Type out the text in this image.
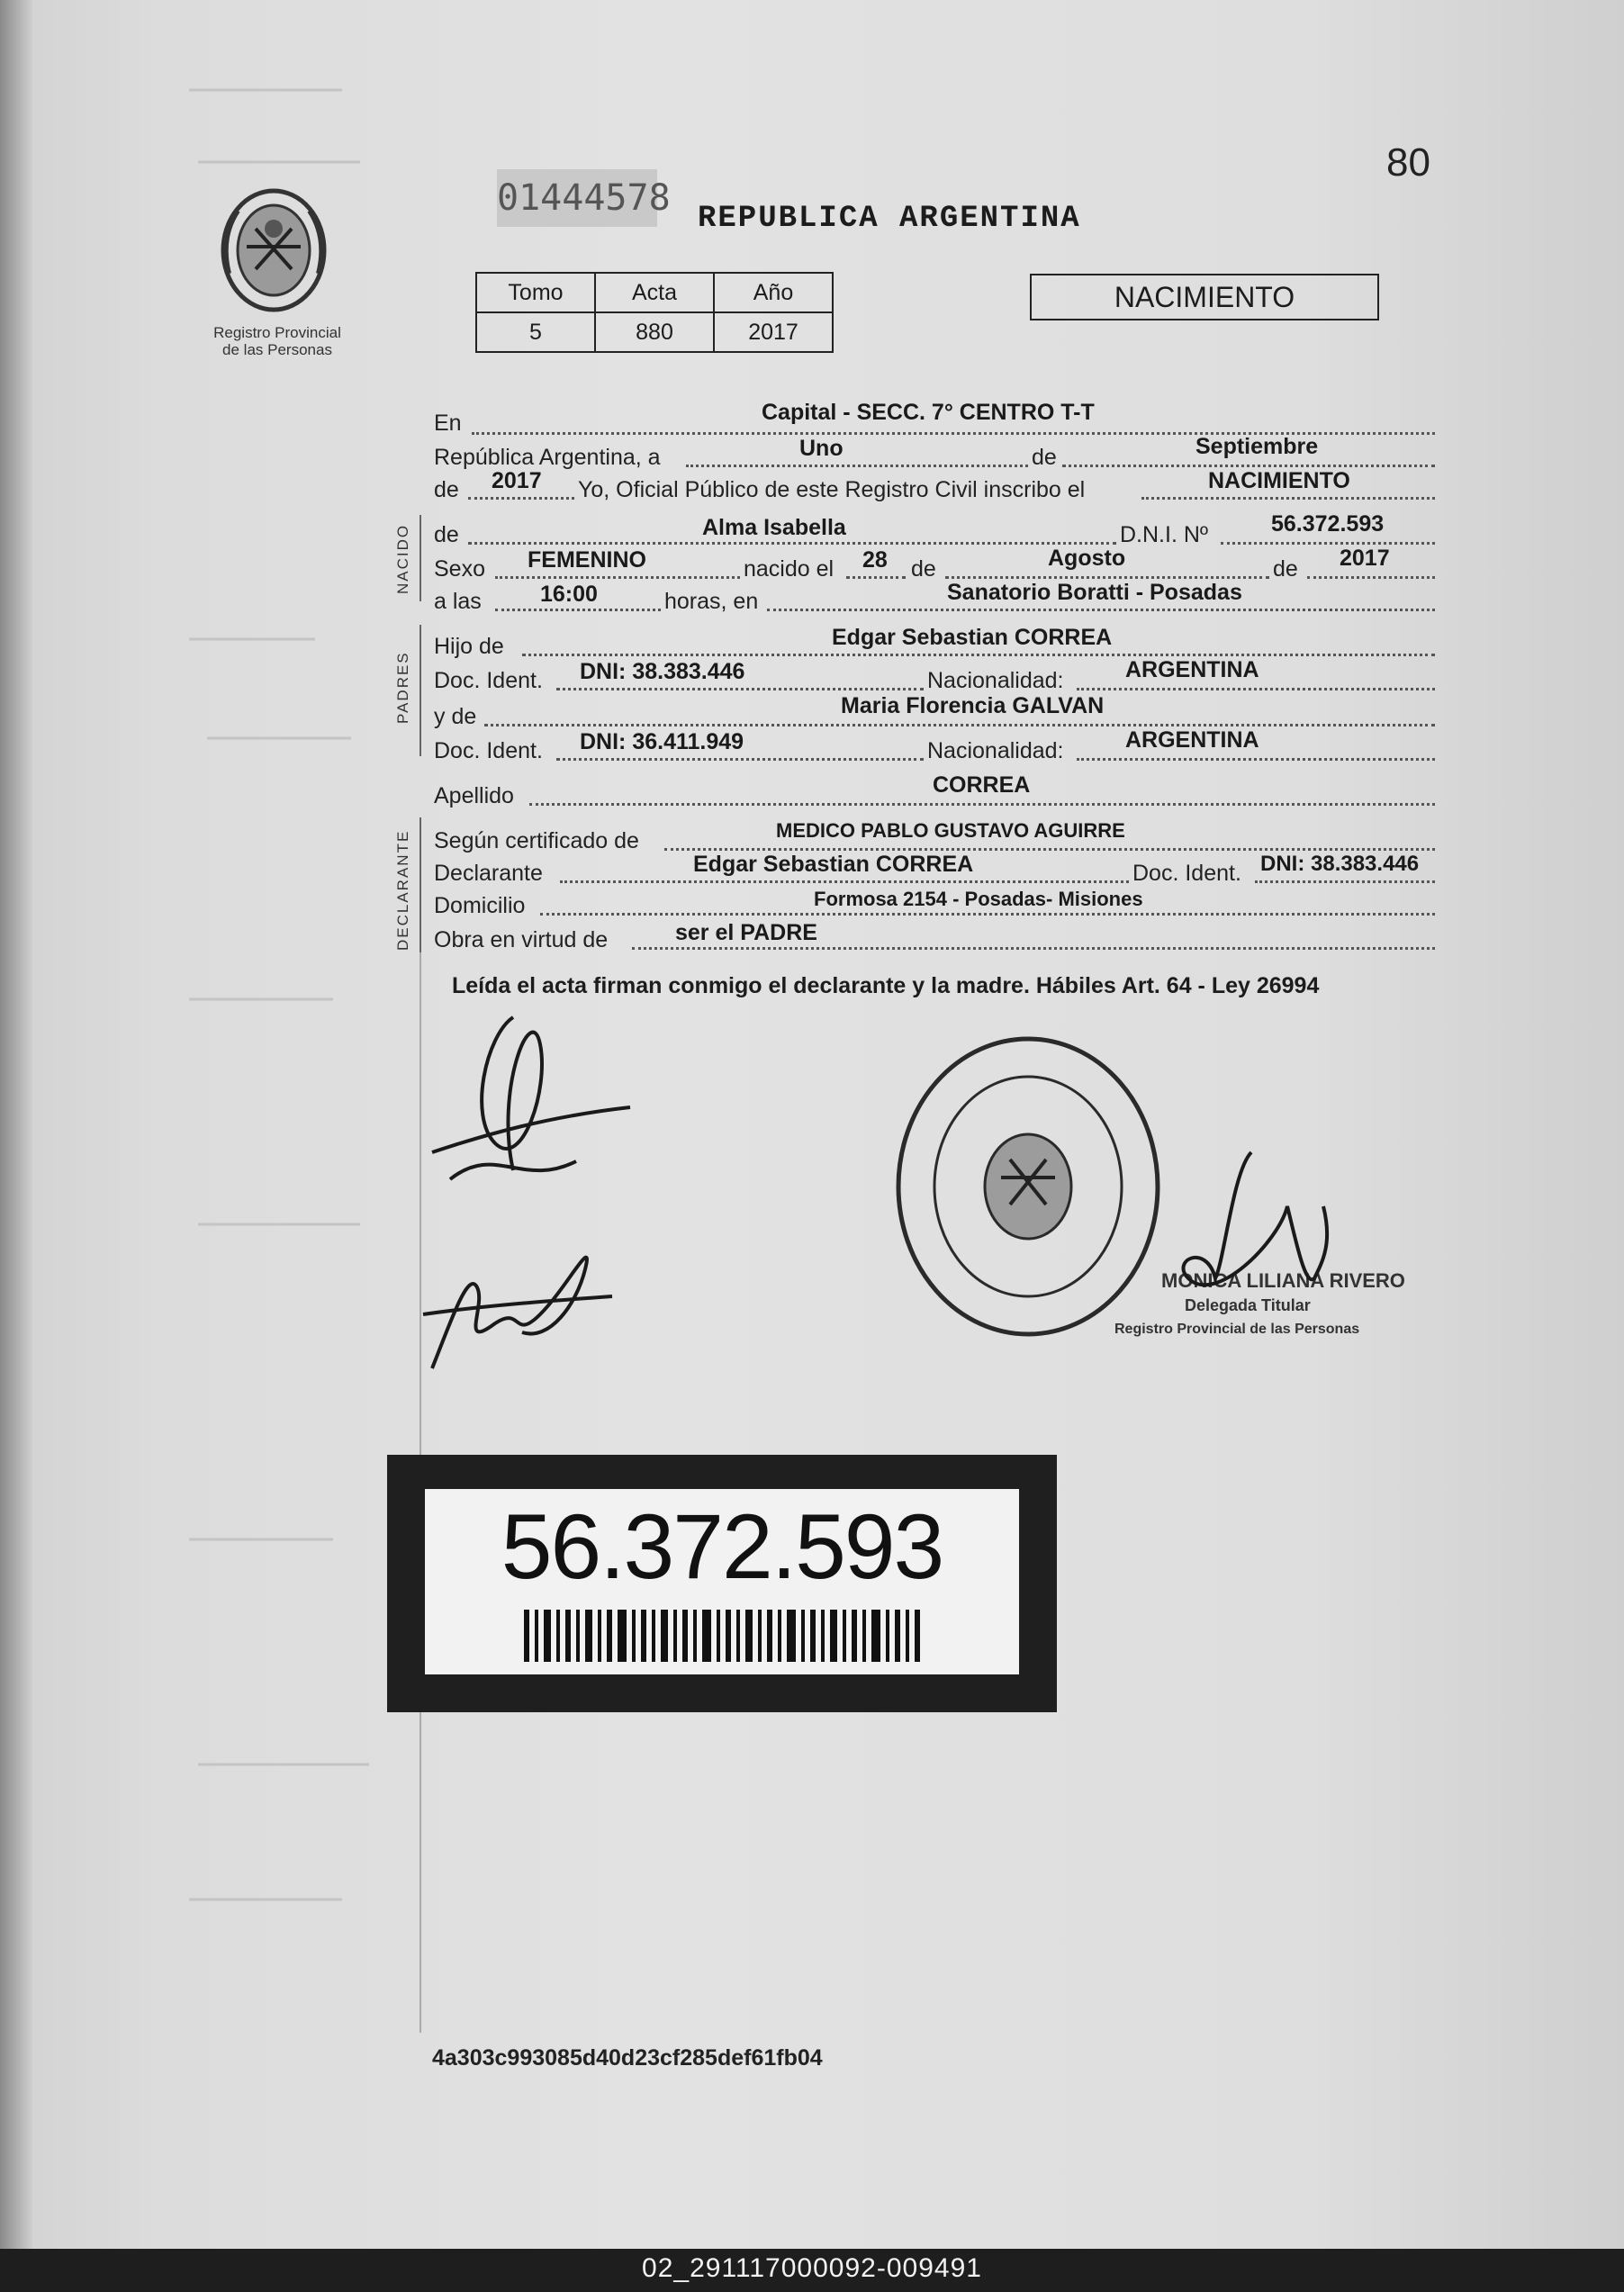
80
01444578 REPUBLICA ARGENTINA
Registro Provincial
de las Personas
Tomo	Acta	Año
5	880	2017
NACIMIENTO
NACIDO
PADRES
DECLARANTE
En	Capital - SECC. 7° CENTRO T-T
República Argentina, a	Uno	de	Septiembre
de 2017 Yo, Oficial Público de este Registro Civil inscribo el	NACIMIENTO
de	Alma Isabella	D.N.I. Nº	56.372.593
Sexo FEMENINO	nacido el 28 de	Agosto	de 2017
a las	16:00	horas, en	Sanatorio Boratti - Posadas
Hijo de	Edgar Sebastian CORREA
Doc. Ident. DNI: 38.383.446	Nacionalidad:	ARGENTINA
y de	Maria Florencia GALVAN
Doc. Ident. DNI: 36.411.949	Nacionalidad:	ARGENTINA
Apellido	CORREA
Según certificado de	MEDICO PABLO GUSTAVO AGUIRRE
Declarante	Edgar Sebastian CORREA	Doc. Ident. DNI: 38.383.446
Domicilio	Formosa 2154 - Posadas- Misiones
Obra en virtud de	ser el PADRE
Leída el acta firman conmigo el declarante y la madre. Hábiles Art. 64 - Ley 26994
MONICA LILIANA RIVERO
Delegada Titular
Registro Provincial de las Personas
56.372.593
4a303c993085d40d23cf285def61fb04
02_291117000092-009491
